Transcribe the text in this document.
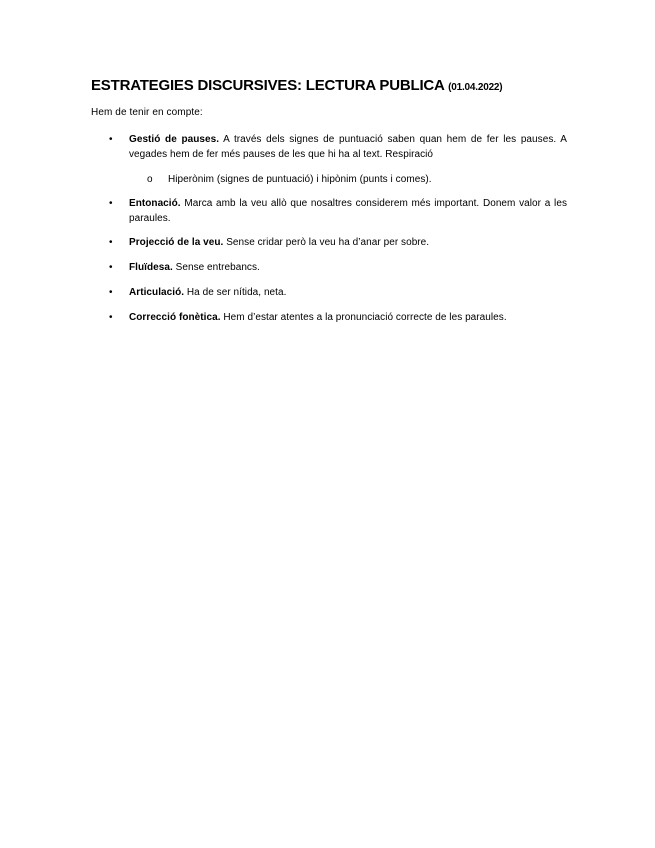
ESTRATEGIES DISCURSIVES: LECTURA PUBLICA (01.04.2022)
Hem de tenir en compte:
• Gestió de pauses. A través dels signes de puntuació saben quan hem de fer les pauses. A vegades hem de fer més pauses de les que hi ha al text. Respiració
o Hiperònim (signes de puntuació) i hipònim (punts i comes).
• Entonació. Marca amb la veu allò que nosaltres considerem més important. Donem valor a les paraules.
• Projecció de la veu. Sense cridar però la veu ha d’anar per sobre.
• Fluïdesa. Sense entrebancs.
• Articulació. Ha de ser nítida, neta.
• Correcció fonètica. Hem d’estar atentes a la pronunciació correcte de les paraules.
